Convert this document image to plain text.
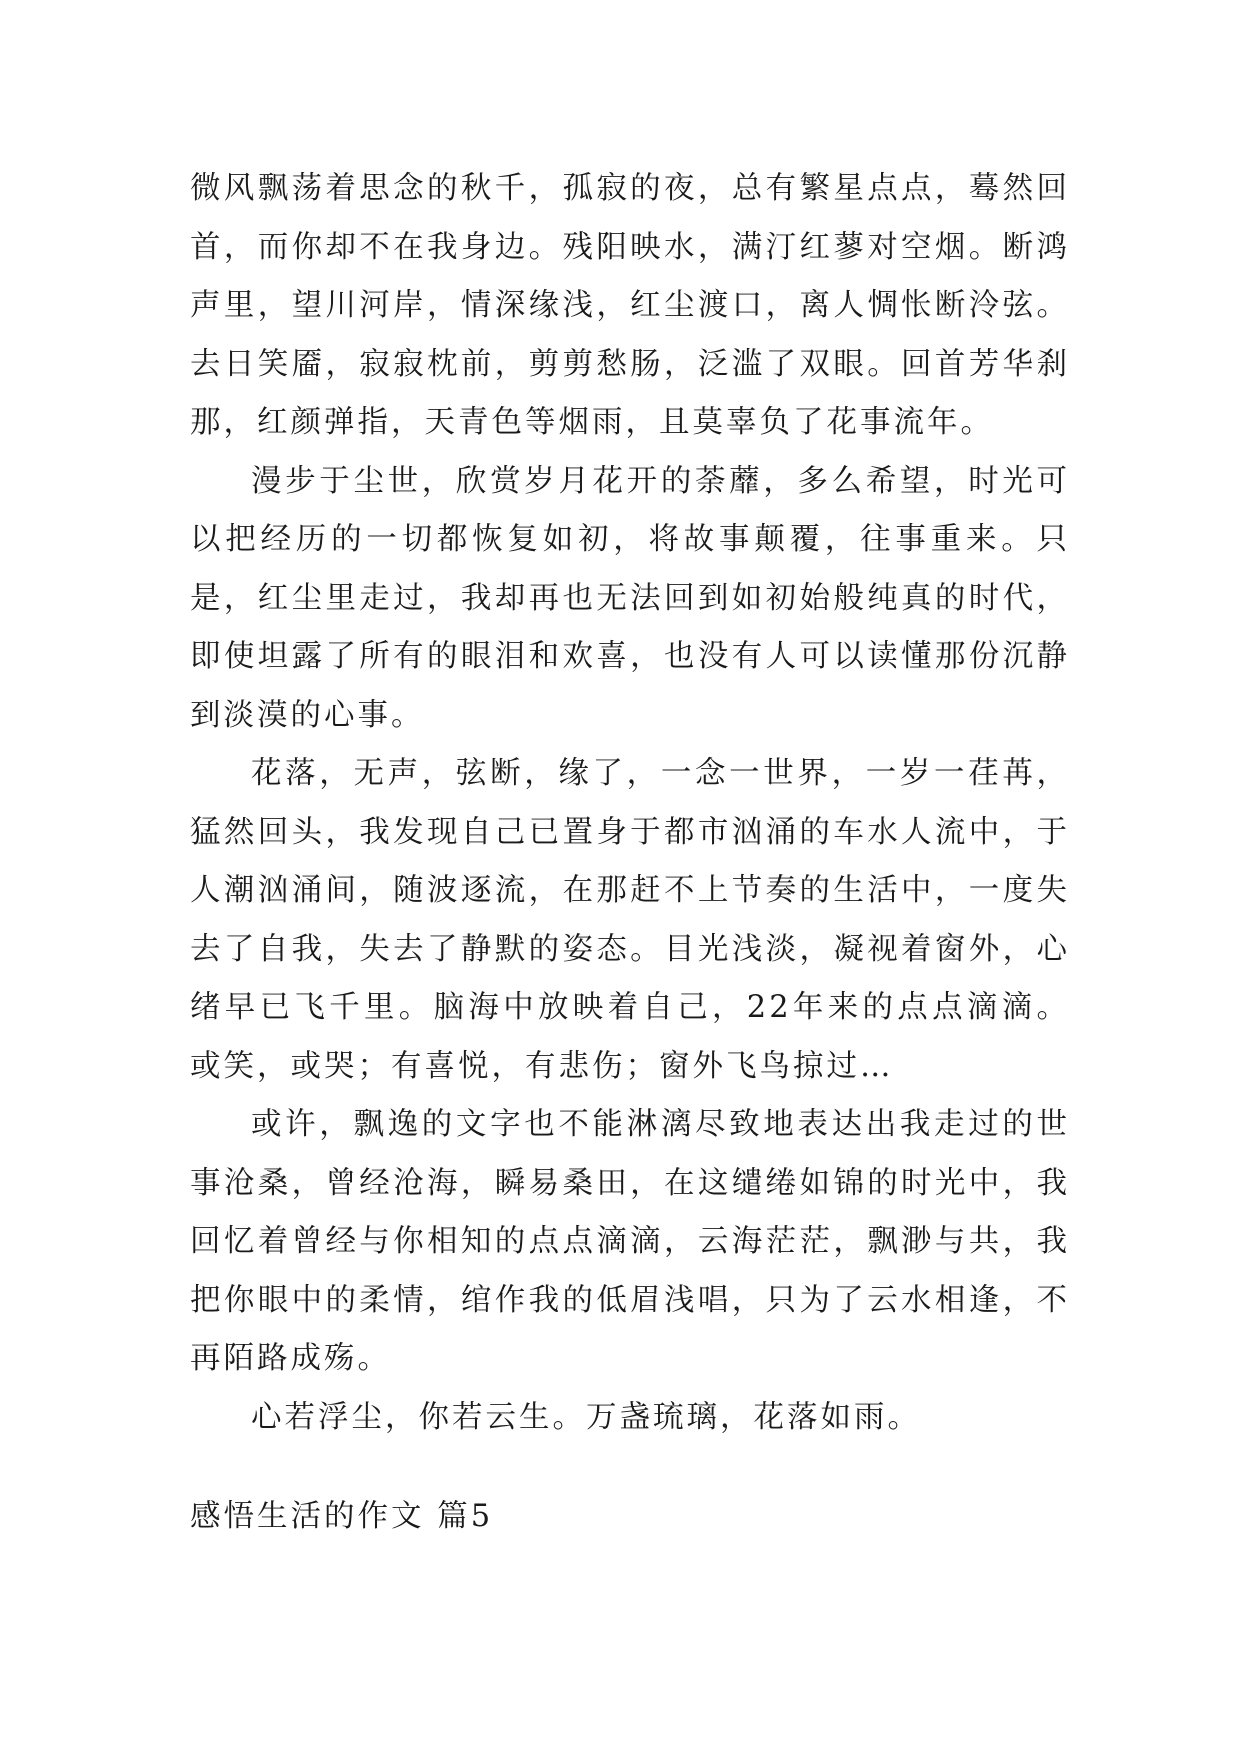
微风飘荡着思念的秋千，孤寂的夜，总有繁星点点，蓦然回首，而你却不在我身边。残阳映水，满汀红蓼对空烟。断鸿声里，望川河岸，情深缘浅，红尘渡口，离人惆怅断泠弦。去日笑靥，寂寂枕前，剪剪愁肠，泛滥了双眼。回首芳华刹那，红颜弹指，天青色等烟雨，且莫辜负了花事流年。

漫步于尘世，欣赏岁月花开的荼蘼，多么希望，时光可以把经历的一切都恢复如初，将故事颠覆，往事重来。只是，红尘里走过，我却再也无法回到如初始般纯真的时代，即使坦露了所有的眼泪和欢喜，也没有人可以读懂那份沉静到淡漠的心事。

花落，无声，弦断，缘了，一念一世界，一岁一荏苒，猛然回头，我发现自己已置身于都市汹涌的车水人流中，于人潮汹涌间，随波逐流，在那赶不上节奏的生活中，一度失去了自我，失去了静默的姿态。目光浅淡，凝视着窗外，心绪早已飞千里。脑海中放映着自己，22年来的点点滴滴。或笑，或哭；有喜悦，有悲伤；窗外飞鸟掠过…

或许，飘逸的文字也不能淋漓尽致地表达出我走过的世事沧桑，曾经沧海，瞬易桑田，在这缱绻如锦的时光中，我回忆着曾经与你相知的点点滴滴，云海茫茫，飘渺与共，我把你眼中的柔情，绾作我的低眉浅唱，只为了云水相逢，不再陌路成殇。

心若浮尘，你若云生。万盏琉璃，花落如雨。

感悟生活的作文 篇5
